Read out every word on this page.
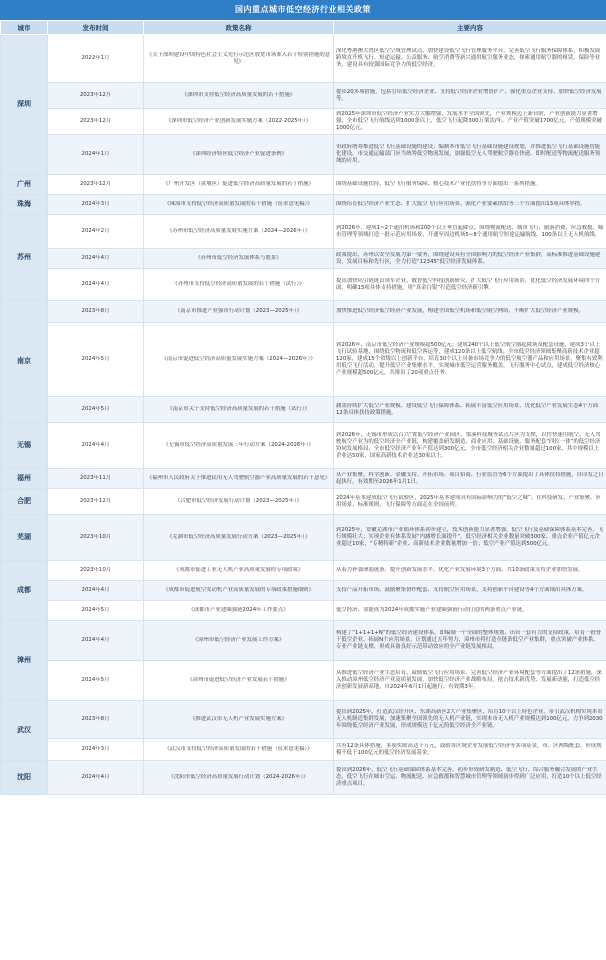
国内重点城市低空经济行业相关政策
城市	发布时间	政策名称	主要内容
深圳	2022年1月	《关于深圳建设中国特色社会主义先行示范区放宽市场准入若干特别措施的意见》	深化粤港澳大湾区低空空域管理试点，加快建设低空飞行管理服务平台，完善低空飞行服务保障体系，积极发展跨境直升机飞行、短途运输、公益服务、航空消费等新兴通用航空服务业态，探索通用航空器的租赁、保险等业务，建设具有较强国际竞争力的低空经济。

	2023年12月	《深圳市支持低空经济高质量发展的若干措施》	提出20多项措施，包括引培低空经济企业、支持低空经济企业增资扩产、强化重点企业支持、加快低空经济发展等。

	2023年12月	《深圳市低空经济产业创新发展实施方案（2022-2025年）》	到2025年深圳市低空经济产业实力大幅增强，发展水平全国领先，产业规模迈上新台阶，产业创新能力显著增强，全市低空飞行航线达到1000条以上，低空飞行起降300万架次/年，产业产值突破1700亿元，产值规模突破1000亿元。

	2024年1月	《深圳经济特区低空经济产业促进条例》	市政府统筹推进低空飞行基础设施的建设；编制本市低空飞行基础设施建设规划，并推进低空飞行基础设施智能化建设。市交通运输部门应当统筹低空物流发展，加强低空无人驾驶航空器在快递、即时配送等物流配送服务领域的应用。

广州	2023年12月	《广州开发区（黄埔区）促进低空经济高质量发展的若干措施》	围绕基础设施扶持、低空飞行服务保障、核心技术产业化扶持等方面提出一系列措施。

珠海	2024年3月	《珠海市支持低空经济高质量发展的若干措施（征求意见稿）》	围绕培育低空经济产业生态、扩大低空飞行应用场景、强化产业要素供给等三个方面提出13项具体举措。

苏州	2024年2月	《苏州市低空经济高质量发展实施方案（2024—2026年）》	到2026年，建成1~2个通用机场和200个以上垂直起降点；围绕物流配送、城市飞行、旅游消费、应急救援、城市管理等领域打造一批示范应用场景，开通至周边机场5~8个通用航空短途运输航线、100条以上无人机航线。

	2024年4月	《苏州市低空经济发展体系与愿景》	政策提出，苏州以安全发展为第一要务，围绕建设具有全国影响力的低空经济产业集群，高标准推进基础设施建设，发展目标和先行区，全力打造“12345”低空经济发展体系。

	2024年4月	《苏州市支持低空经济高质量发展的若干措施（试行）》	提出加快培引链链首领军企业、数智低空科技创新研究、扩大低空飞行应用场景、优化低空经济发展环境四个方面，明确15项具体支持措施，用“真金白银”打造低空经济新引擎。

南京	2023年8月	《南京市推进产业强市行动计划（2023—2025年）》	加快推进低空经济低空经济产业发展，构建全国低空机场和低空航空网络，不断扩大低空经济产业规模。

	2024年5月	《南京市促进低空经济高质量发展实施方案（2024—2026年）》	到2026年，南京市低空经济产业规模超500亿元；建成240个以上低空航空器起降场及配套设施，建成3个以上飞行试验基地，围绕低空物流和低空客运等，建成120条以上低空航线；全市低空经济领域集聚高新技术企业超120家，建成15个省级以上创新平台，培育30个以上具备市场竞争力的低空航空器产品和应用场景，聚集有效利用低空飞行活动，提升低空产业集聚水平，实现城市低空运营服务覆盖，飞行服务中心试点，建成低空经济核心产业规模超500亿元，共推出了20项重点任务。

	2024年5月	《南京市关于支持低空经济高质量发展的若干措施（试行）》	涵盖持续扩大低空产业规模、建设低空飞行保障体系、拓展丰富低空应用场景、优化低空产业发展生态4个方面12条具体扶持政策措施。

无锡	2024年4月	《无锡市低空经济高质量发展三年行动方案（2024-2026年）》	到2026年，无锡市形成以百兴“置低空经济产业园区、梁溪科技城等试点片区为支撑，以件快速用航空、无人驾驶航空产业为的低空经济全产业链，构建覆盖研发制造、商业应用、基础设施、服务配套“四位一体”的低空经济协同发展格局，全市低空经济产业年产值达到300亿元，全市低空经济相关企业数量超过100家，其中规模以上企业达50家，国家高新技术企业达30家以上。

福州	2023年11月	《福州市人民政府关于推进民用无人驾驶航空器产业高质量发展的若干意见》	从产业集聚、科学创新、金融支持、开拓市场、项目招商、行业监管等6个方面提出了具体扶持措施，自印发之日起执行，有效期至2026年1月1日。

合肥	2023年12月	《合肥市低空经济发展行动计划（2023—2025年）》	2024年基本建成低空飞行试验区，2025年基本建成具有国际影响力的“低空之城”；在科技研发、产业集聚、应用场景、标准规则、飞行保障等方面走在全国前列。

芜湖	2023年10月	《芜湖市低空经济高质量发展行动方案（2023—2025年）》	到2025年，安徽芜湖市产业循环体系初步建立，技术创新能力显著增强，低空飞行及基础保障体系基本完善，飞行规模壮大；实现企业有体系发展“内涵增长面提升”，低空经济相关企业数量突破300家，重点企业产值亿元企业超过10家，“专精特新”企业、高新技术企业数量增加一倍；低空产业产值达到500亿元。

成都	2023年10月	《成都市促进工业无人机产业高质量发展的专项政策》	从着力补强薄弱链条、提升创新发展水平、优化产业发展环境3个方面，共10条政策支持企业加快发展。

	2024年4月	《成都市促进航空发动机产业高质量发展的专项政策措施细则》	支持产品开拓市场、鼓励聚集协作配套、支持航空应用场景，支持创新平台建设等4个方面细出具体方案。

	2024年5月	《成都市产业建圈强链2024年工作要点》	低空经济、氢能成为2024年成都实施产业建圈强链行动打造的两条重点产业链。

漳州	2024年4月	《漳州市低空经济产业发展工作方案》	构建了“1+1+1+N”的低空经济建设体系，即编制一个全面的整体规划，出台一套有力的支持政策，培育一批骨干低空企业、拓展N个应用场景，计划通过五年努力，漳州市将打造全链条低空产业集群，重点突破产业体系、专业产业链支撑，形成具备良好示范带动效应的全产业链发展格局。

	2024年5月	《漳州市促进低空经济产业发展若干措施》	从推进低空经济产业生态培育、鼓励低空飞行应用场景、完善低空经济产业环境配套等方面提出了12条措施，深入推动漳州低空经济产业高质量发展，加快低空经济产业战略布局，抢占技术新优势、发展新动能，打造低空经济创新发展新高地，自2024年6月1日起施行，有效期3年。

武汉	2023年8月	《推进武汉市无人机产业发展实施方案》	提出到2025年，打造武汉经开区、东湖高新区2大产业集聚区，培育10个以上特色企业，带引武汉机构实现本市无人机制造集群发展，加速集聚全国领先的无人机产业链，实现本市无人机产业规模达到100亿元，力争到2030年围绕低空经济产业发展，形成规模达千亿元的低空经济全产业链。

	2024年3月	《武汉市支持低空经济高质量发展的若干措施（征求意见稿）》	共有12条具体措施，多项奖励高达千万元，鼓励各区域企业发展低空经济等多项基金，市、区两级配套，形成规模不低于100亿元的低空经济发展基金。

沈阳	2024年4月	《沈阳市低空经济高质量发展行动计划（2024-2026年）》	提出到2026年，低空飞行基础保障体系基本完善，初步形成研发制造、低空飞行、综合服务融合发展的产业生态，低空飞行在城市空运、物流配送、应急救援和智慧城市管理等领域初步得到广泛应用，打造10个以上低空经济重点项目。
